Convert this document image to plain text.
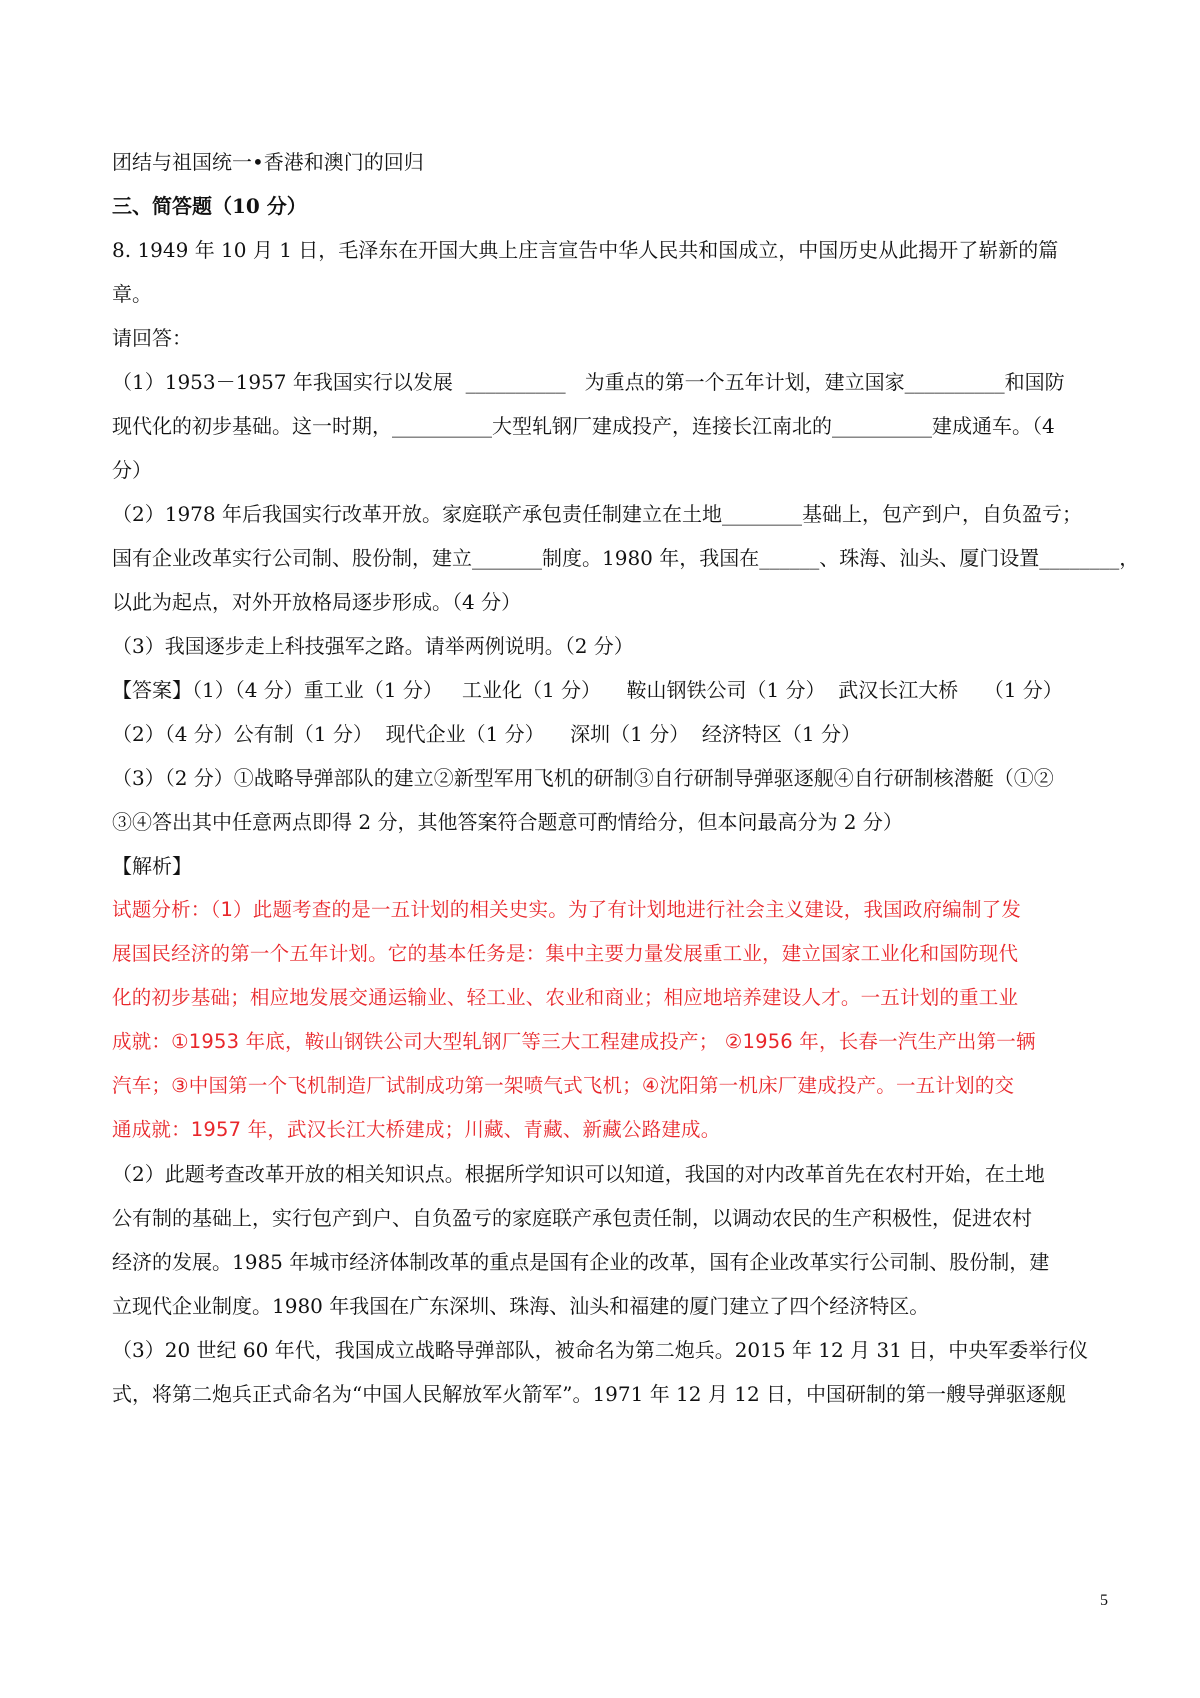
团结与祖国统一•香港和澳门的回归

三、简答题（10 分）

8. 1949 年 10 月 1 日，毛泽东在开国大典上庄言宣告中华人民共和国成立，中国历史从此揭开了崭新的篇

章。

请回答：

（1）1953－1957 年我国实行以发展  __________   为重点的第一个五年计划，建立国家__________和国防

现代化的初步基础。这一时期，__________大型轧钢厂建成投产，连接长江南北的__________建成通车。（4

分）

（2）1978 年后我国实行改革开放。家庭联产承包责任制建立在土地________基础上，包产到户，自负盈亏；

国有企业改革实行公司制、股份制，建立_______制度。1980 年，我国在______、珠海、汕头、厦门设置________，

以此为起点，对外开放格局逐步形成。（4 分）

（3）我国逐步走上科技强军之路。请举两例说明。（2 分）

【答案】（1）（4 分）重工业（1 分）   工业化（1 分）    鞍山钢铁公司（1 分）  武汉长江大桥    （1 分）

（2）（4 分）公有制（1 分）  现代企业（1 分）    深圳（1 分）  经济特区（1 分）

（3）（2 分）①战略导弹部队的建立②新型军用飞机的研制③自行研制导弹驱逐舰④自行研制核潜艇（①②

③④答出其中任意两点即得 2 分，其他答案符合题意可酌情给分，但本问最高分为 2 分）

【解析】

试题分析：（1）此题考查的是一五计划的相关史实。为了有计划地进行社会主义建设，我国政府编制了发

展国民经济的第一个五年计划。它的基本任务是：集中主要力量发展重工业，建立国家工业化和国防现代

化的初步基础；相应地发展交通运输业、轻工业、农业和商业；相应地培养建设人才。一五计划的重工业

成就：①1953 年底，鞍山钢铁公司大型轧钢厂等三大工程建成投产； ②1956 年，长春一汽生产出第一辆

汽车；③中国第一个飞机制造厂试制成功第一架喷气式飞机；④沈阳第一机床厂建成投产。一五计划的交

通成就：1957 年，武汉长江大桥建成；川藏、青藏、新藏公路建成。

（2）此题考查改革开放的相关知识点。根据所学知识可以知道，我国的对内改革首先在农村开始，在土地

公有制的基础上，实行包产到户、自负盈亏的家庭联产承包责任制，以调动农民的生产积极性，促进农村

经济的发展。1985 年城市经济体制改革的重点是国有企业的改革，国有企业改革实行公司制、股份制，建

立现代企业制度。1980 年我国在广东深圳、珠海、汕头和福建的厦门建立了四个经济特区。

（3）20 世纪 60 年代，我国成立战略导弹部队，被命名为第二炮兵。2015 年 12 月 31 日，中央军委举行仪

式，将第二炮兵正式命名为“中国人民解放军火箭军”。1971 年 12 月 12 日，中国研制的第一艘导弹驱逐舰

5
